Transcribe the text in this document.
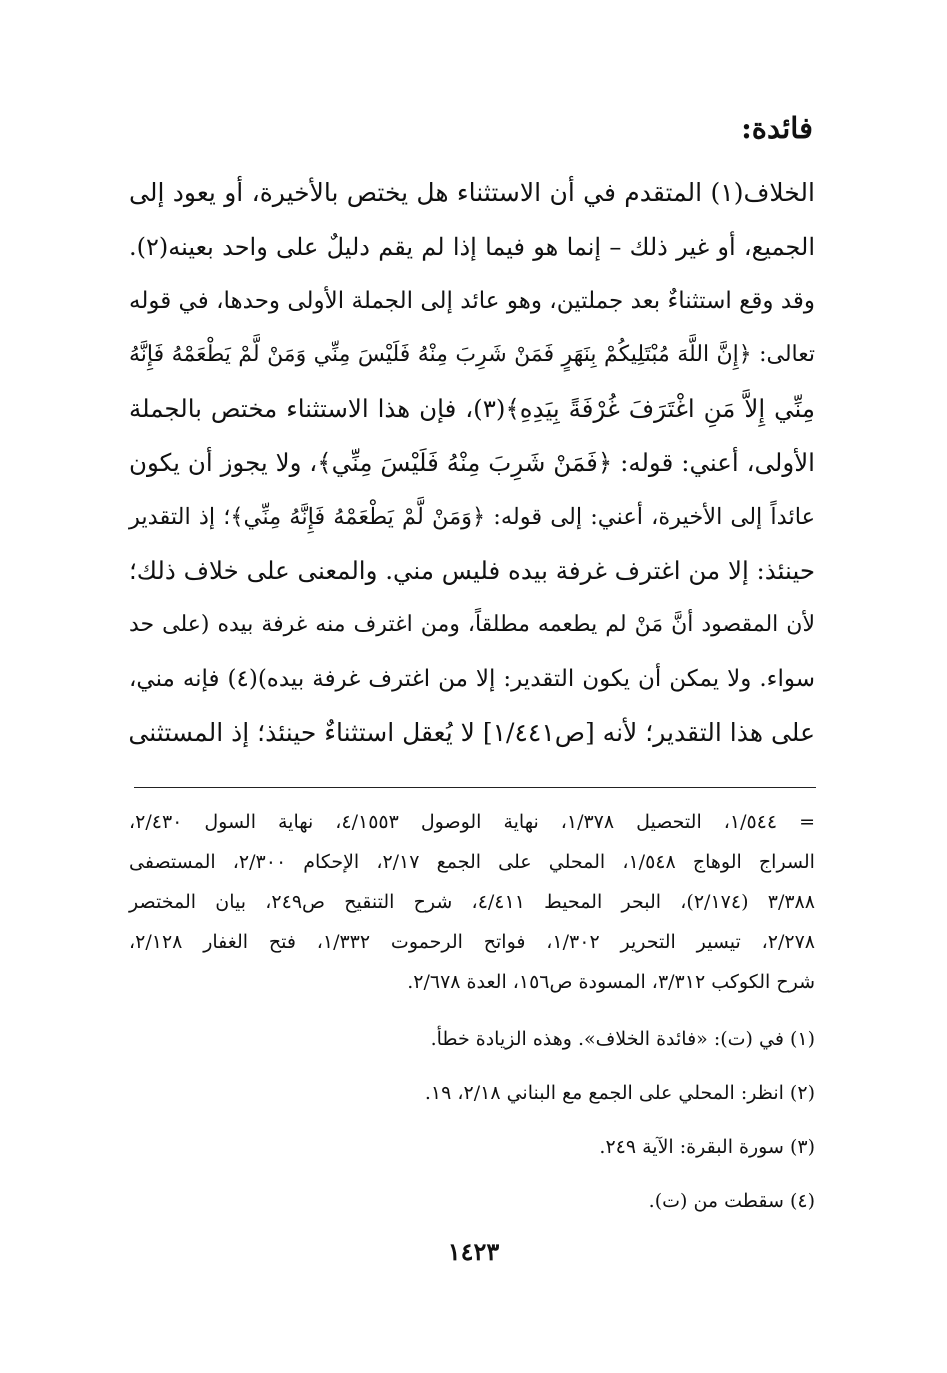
فائدة:
الخلاف(١) المتقدم في أن الاستثناء هل يختص بالأخيرة، أو يعود إلى
الجميع، أو غير ذلك – إنما هو فيما إذا لم يقم دليلٌ على واحد بعينه(٢).
وقد وقع استثناءٌ بعد جملتين، وهو عائد إلى الجملة الأولى وحدها، في قوله
تعالى: ﴿إِنَّ اللَّهَ مُبْتَلِيكُمْ بِنَهَرٍ فَمَنْ شَرِبَ مِنْهُ فَلَيْسَ مِنِّي وَمَنْ لَّمْ يَطْعَمْهُ فَإِنَّهُ
مِنِّي إِلاَّ مَنِ اغْتَرَفَ غُرْفَةً بِيَدِهِ﴾(٣)، فإن هذا الاستثناء مختص بالجملة
الأولى، أعني: قوله: ﴿فَمَنْ شَرِبَ مِنْهُ فَلَيْسَ مِنِّي﴾، ولا يجوز أن يكون
عائداً إلى الأخيرة، أعني: إلى قوله: ﴿وَمَنْ لَّمْ يَطْعَمْهُ فَإِنَّهُ مِنِّي﴾؛ إذ التقدير
حينئذ: إلا من اغترف غرفة بيده فليس مني. والمعنى على خلاف ذلك؛
لأن المقصود أنَّ مَنْ لم يطعمه مطلقاً، ومن اغترف منه غرفة بيده (على حد
سواء. ولا يمكن أن يكون التقدير: إلا من اغترف غرفة بيده)(٤) فإنه مني،
على هذا التقدير؛ لأنه [ص١/٤٤١] لا يُعقل استثناءٌ حينئذ؛ إذ المستثنى
= ١/٥٤٤، التحصيل ١/٣٧٨، نهاية الوصول ٤/١٥٥٣، نهاية السول ٢/٤٣٠،
السراج الوهاج ١/٥٤٨، المحلي على الجمع ٢/١٧، الإحكام ٢/٣٠٠، المستصفى
٣/٣٨٨ (٢/١٧٤)، البحر المحيط ٤/٤١١، شرح التنقيح ص٢٤٩، بيان المختصر
٢/٢٧٨، تيسير التحرير ١/٣٠٢، فواتح الرحموت ١/٣٣٢، فتح الغفار ٢/١٢٨،
شرح الكوكب ٣/٣١٢، المسودة ص١٥٦، العدة ٢/٦٧٨.
(١) في (ت): «فائدة الخلاف». وهذه الزيادة خطأ.
(٢) انظر: المحلي على الجمع مع البناني ٢/١٨، ١٩.
(٣) سورة البقرة: الآية ٢٤٩.
(٤) سقطت من (ت).
١٤٢٣
